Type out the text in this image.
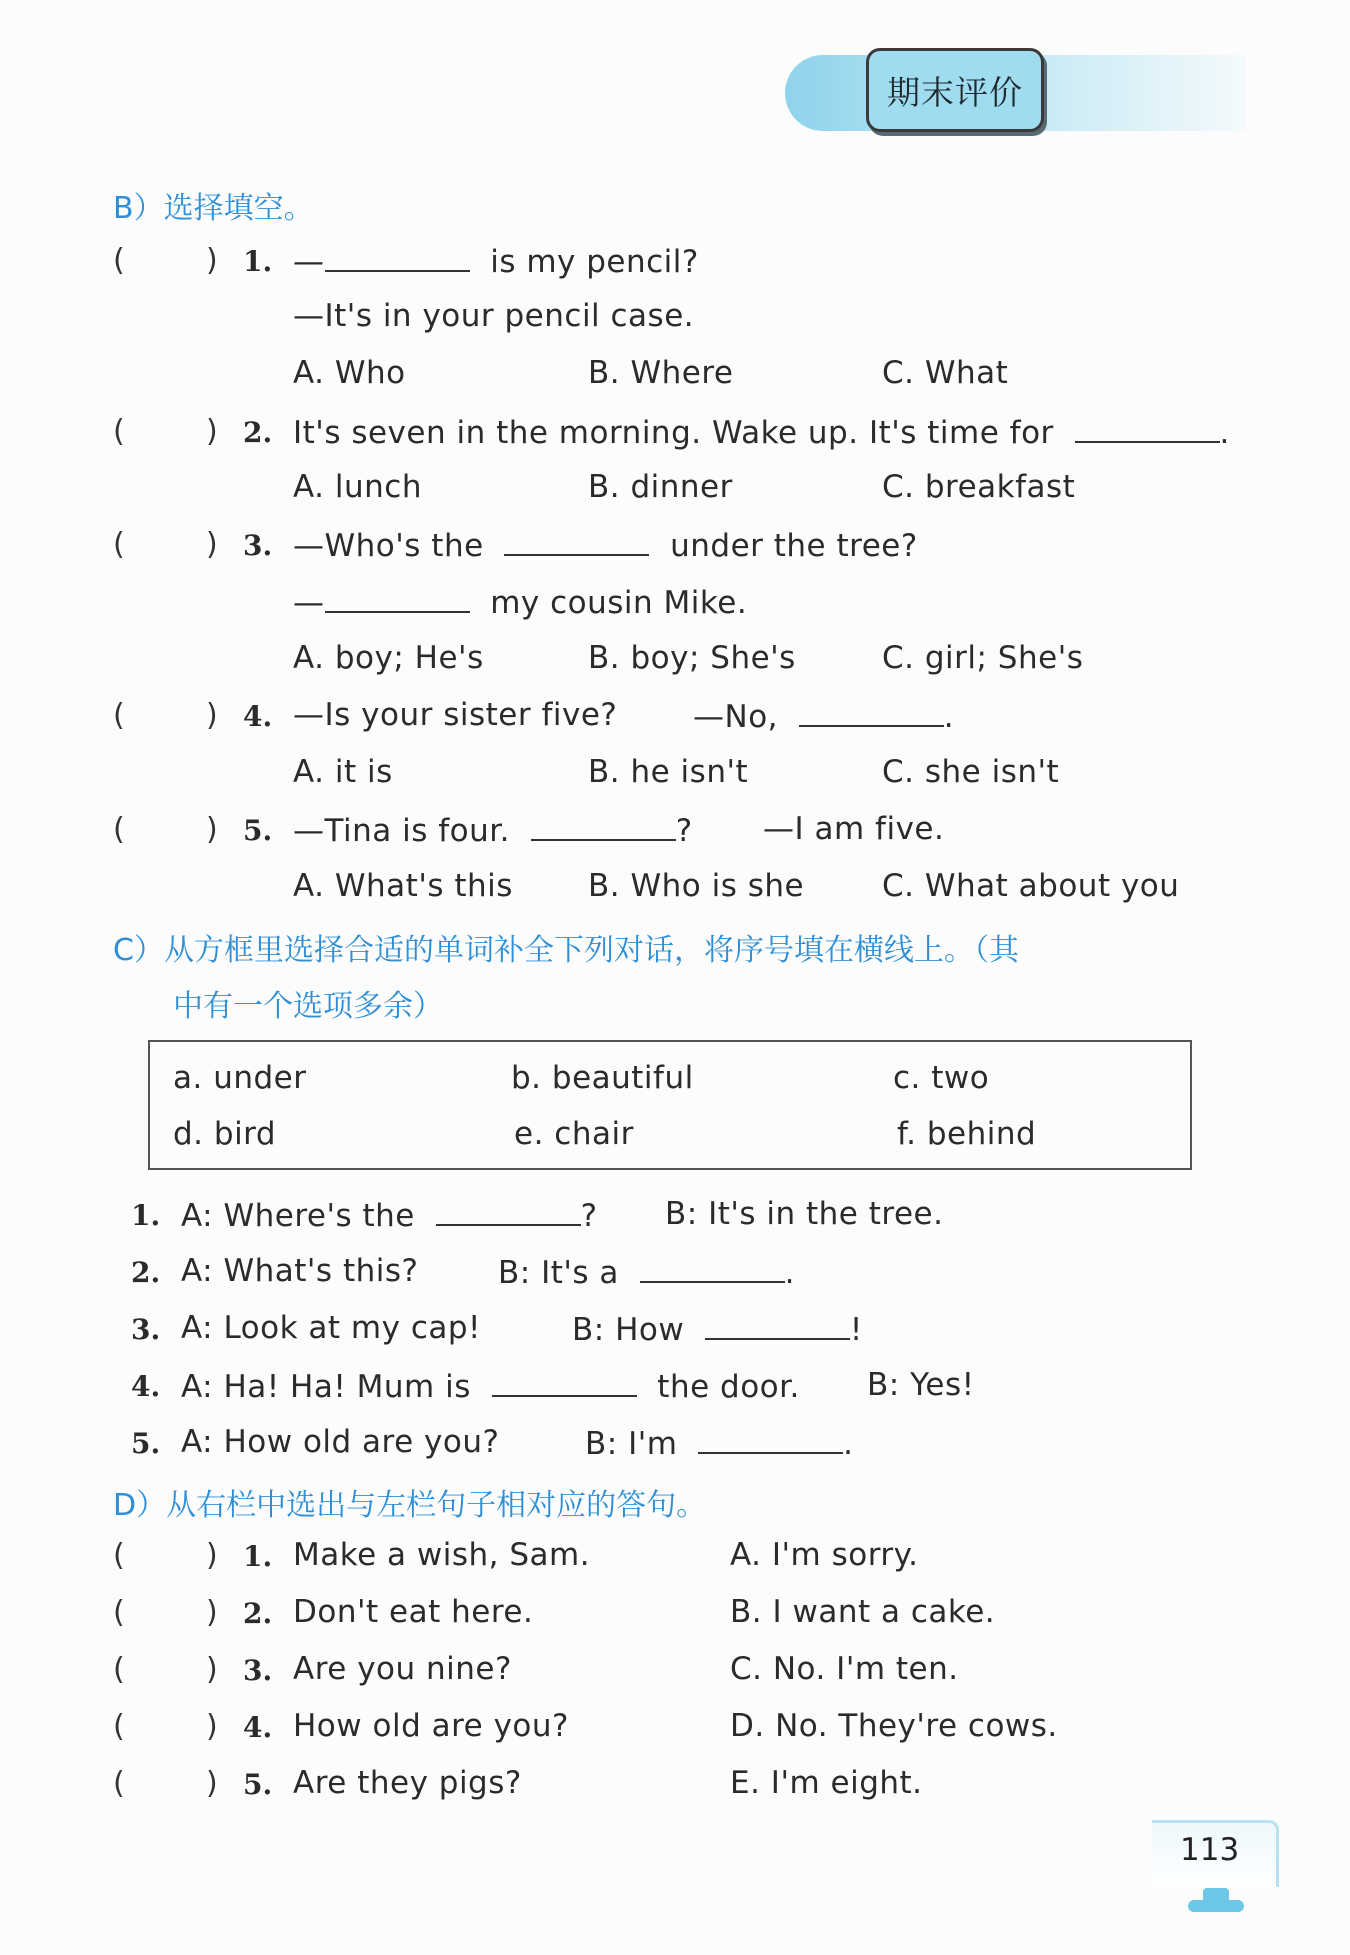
期末评价
B）选择填空。
(	) 1. —	is my pencil?
—It's in your pencil case.
A. Who	B. Where	C. What
(	) 2. It's seven in the morning. Wake up. It's time for	.
A. lunch	B. dinner	C. breakfast
(	) 3. —Who's the	under the tree?
—	my cousin Mike.
A. boy; He's	B. boy; She's	C. girl; She's
(	) 4. —Is your sister five? —No,	.
A. it is	B. he isn't	C. she isn't
(	) 5. —Tina is four.	? —I am five.
A. What's this B. Who is she	C. What about you
C）从方框里选择合适的单词补全下列对话，将序号填在横线上。（其
中有一个选项多余）
a. under	b. beautiful	c. two
d. bird	e. chair	f. behind
1. A: Where's the	? B: It's in the tree.
2. A: What's this?	B: It's a	.
3. A: Look at my cap!	B: How	!
4. A: Ha! Ha! Mum is	the door. B: Yes!
5. A: How old are you?	B: I'm	.
D）从右栏中选出与左栏句子相对应的答句。
(	) 1. Make a wish, Sam.	A. I'm sorry.
(	) 2. Don't eat here.	B. I want a cake.
(	) 3. Are you nine?	C. No. I'm ten.
(	) 4. How old are you?	D. No. They're cows.
(	) 5. Are they pigs?	E. I'm eight.
113
